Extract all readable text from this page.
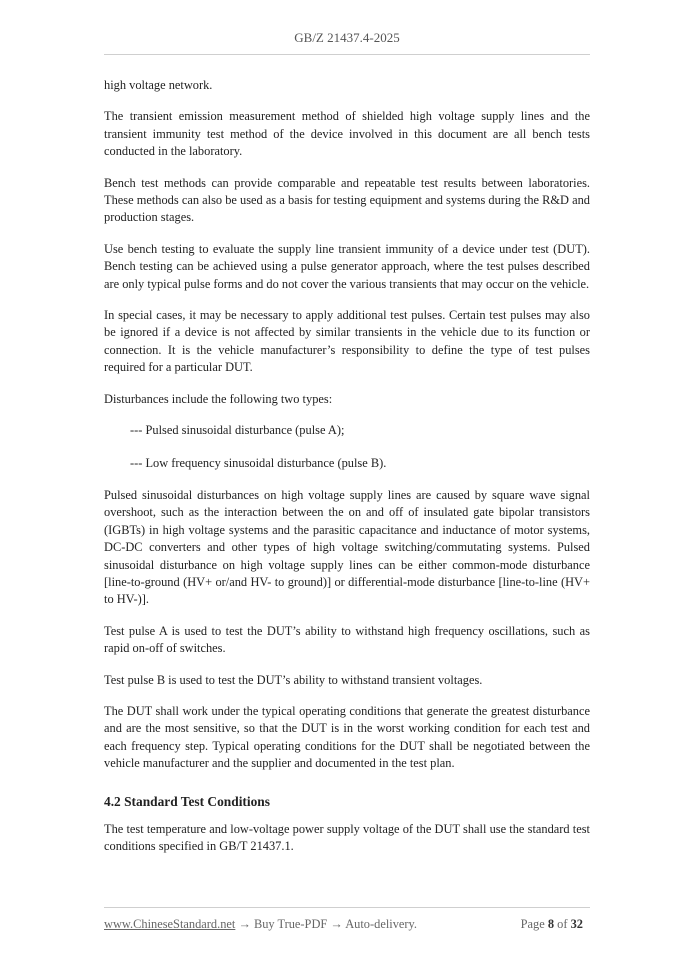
GB/Z 21437.4-2025

high voltage network.

The transient emission measurement method of shielded high voltage supply lines and the transient immunity test method of the device involved in this document are all bench tests conducted in the laboratory.

Bench test methods can provide comparable and repeatable test results between laboratories. These methods can also be used as a basis for testing equipment and systems during the R&D and production stages.

Use bench testing to evaluate the supply line transient immunity of a device under test (DUT). Bench testing can be achieved using a pulse generator approach, where the test pulses described are only typical pulse forms and do not cover the various transients that may occur on the vehicle.

In special cases, it may be necessary to apply additional test pulses. Certain test pulses may also be ignored if a device is not affected by similar transients in the vehicle due to its function or connection. It is the vehicle manufacturer’s responsibility to define the type of test pulses required for a particular DUT.

Disturbances include the following two types:

--- Pulsed sinusoidal disturbance (pulse A);

--- Low frequency sinusoidal disturbance (pulse B).

Pulsed sinusoidal disturbances on high voltage supply lines are caused by square wave signal overshoot, such as the interaction between the on and off of insulated gate bipolar transistors (IGBTs) in high voltage systems and the parasitic capacitance and inductance of motor systems, DC-DC converters and other types of high voltage switching/commutating systems. Pulsed sinusoidal disturbance on high voltage supply lines can be either common-mode disturbance [line-to-ground (HV+ or/and HV- to ground)] or differential-mode disturbance [line-to-line (HV+ to HV-)].

Test pulse A is used to test the DUT’s ability to withstand high frequency oscillations, such as rapid on-off of switches.

Test pulse B is used to test the DUT’s ability to withstand transient voltages.

The DUT shall work under the typical operating conditions that generate the greatest disturbance and are the most sensitive, so that the DUT is in the worst working condition for each test and each frequency step. Typical operating conditions for the DUT shall be negotiated between the vehicle manufacturer and the supplier and documented in the test plan.

4.2 Standard Test Conditions

The test temperature and low-voltage power supply voltage of the DUT shall use the standard test conditions specified in GB/T 21437.1.

www.ChineseStandard.net → Buy True-PDF → Auto-delivery.	Page 8 of 32
